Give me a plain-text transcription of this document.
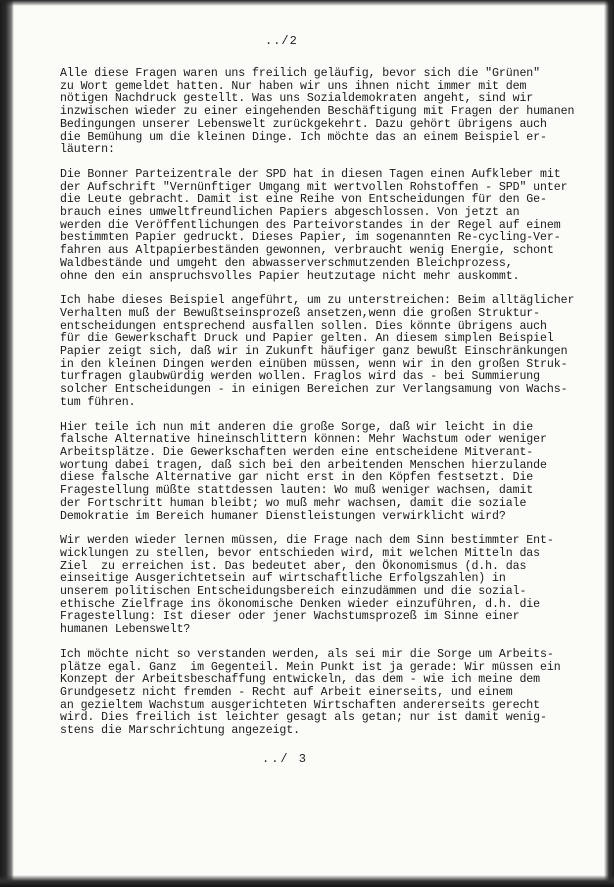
../2
Alle diese Fragen waren uns freilich geläufig, bevor sich die "Grünen"
zu Wort gemeldet hatten. Nur haben wir uns ihnen nicht immer mit dem
nötigen Nachdruck gestellt. Was uns Sozialdemokraten angeht, sind wir
inzwischen wieder zu einer eingehenden Beschäftigung mit Fragen der humanen
Bedingungen unserer Lebenswelt zurückgekehrt. Dazu gehört übrigens auch
die Bemühung um die kleinen Dinge. Ich möchte das an einem Beispiel er-
läutern:
Die Bonner Parteizentrale der SPD hat in diesen Tagen einen Aufkleber mit
der Aufschrift "Vernünftiger Umgang mit wertvollen Rohstoffen - SPD" unter
die Leute gebracht. Damit ist eine Reihe von Entscheidungen für den Ge-
brauch eines umweltfreundlichen Papiers abgeschlossen. Von jetzt an
werden die Veröffentlichungen des Parteivorstandes in der Regel auf einem
bestimmten Papier gedruckt. Dieses Papier, im sogenannten Re-cycling-Ver-
fahren aus Altpapierbeständen gewonnen, verbraucht wenig Energie, schont
Waldbestände und umgeht den abwasserverschmutzenden Bleichprozess,
ohne den ein anspruchsvolles Papier heutzutage nicht mehr auskommt.
Ich habe dieses Beispiel angeführt, um zu unterstreichen: Beim alltäglicher
Verhalten muß der Bewußtseinsprozeß ansetzen,wenn die großen Struktur-
entscheidungen entsprechend ausfallen sollen. Dies könnte übrigens auch
für die Gewerkschaft Druck und Papier gelten. An diesem simplen Beispiel
Papier zeigt sich, daß wir in Zukunft häufiger ganz bewußt Einschränkungen
in den kleinen Dingen werden einüben müssen, wenn wir in den großen Struk-
turfragen glaubwürdig werden wollen. Fraglos wird das - bei Summierung
solcher Entscheidungen - in einigen Bereichen zur Verlangsamung von Wachs-
tum führen.
Hier teile ich nun mit anderen die große Sorge, daß wir leicht in die
falsche Alternative hineinschlittern können: Mehr Wachstum oder weniger
Arbeitsplätze. Die Gewerkschaften werden eine entscheidene Mitverant-
wortung dabei tragen, daß sich bei den arbeitenden Menschen hierzulande
diese falsche Alternative gar nicht erst in den Köpfen festsetzt. Die
Fragestellung müßte stattdessen lauten: Wo muß weniger wachsen, damit
der Fortschritt human bleibt; wo muß mehr wachsen, damit die soziale
Demokratie im Bereich humaner Dienstleistungen verwirklicht wird?
Wir werden wieder lernen müssen, die Frage nach dem Sinn bestimmter Ent-
wicklungen zu stellen, bevor entschieden wird, mit welchen Mitteln das
Ziel  zu erreichen ist. Das bedeutet aber, den Ökonomismus (d.h. das
einseitige Ausgerichtetsein auf wirtschaftliche Erfolgszahlen) in
unserem politischen Entscheidungsbereich einzudämmen und die sozial-
ethische Zielfrage ins ökonomische Denken wieder einzuführen, d.h. die
Fragestellung: Ist dieser oder jener Wachstumsprozeß im Sinne einer
humanen Lebenswelt?
Ich möchte nicht so verstanden werden, als sei mir die Sorge um Arbeits-
plätze egal. Ganz  im Gegenteil. Mein Punkt ist ja gerade: Wir müssen ein
Konzept der Arbeitsbeschaffung entwickeln, das dem - wie ich meine dem
Grundgesetz nicht fremden - Recht auf Arbeit einerseits, und einem
an gezieltem Wachstum ausgerichteten Wirtschaften andererseits gerecht
wird. Dies freilich ist leichter gesagt als getan; nur ist damit wenig-
stens die Marschrichtung angezeigt.
../ 3
